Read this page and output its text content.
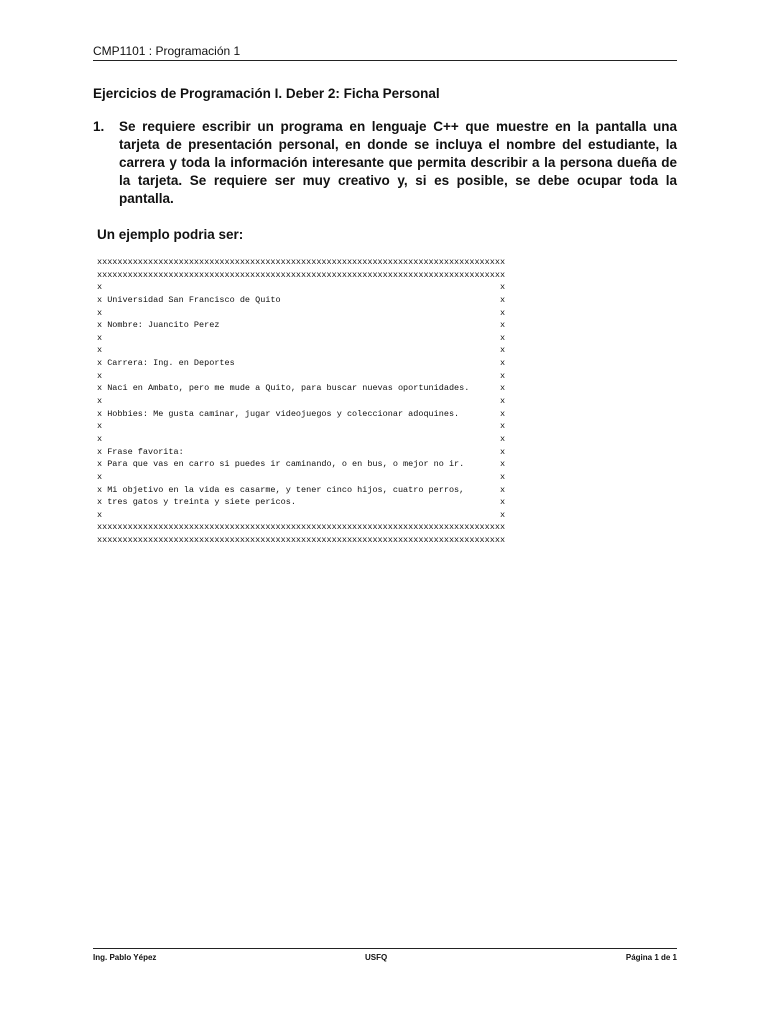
CMP1101 : Programación 1
Ejercicios de Programación I. Deber 2: Ficha Personal
1. Se requiere escribir un programa en lenguaje C++ que muestre en la pantalla una tarjeta de presentación personal, en donde se incluya el nombre del estudiante, la carrera y toda la información interesante que permita describir a la persona dueña de la tarjeta. Se requiere ser muy creativo y, si es posible, se debe ocupar toda la pantalla.
Un ejemplo podria ser:
xxxxxxxxxxxxxxxxxxxxxxxxxxxxxxxxxxxxxxxxxxxxxxxxxxxxxxxxxxxxxxxxxxxxxxxxxxxxxxxx
xxxxxxxxxxxxxxxxxxxxxxxxxxxxxxxxxxxxxxxxxxxxxxxxxxxxxxxxxxxxxxxxxxxxxxxxxxxxxxxx
x                                                                              x
x Universidad San Francisco de Quito                                           x
x                                                                              x
x Nombre: Juancito Perez                                                       x
x                                                                              x
x                                                                              x
x Carrera: Ing. en Deportes                                                    x
x                                                                              x
x Naci en Ambato, pero me mude a Quito, para buscar nuevas oportunidades.      x
x                                                                              x
x Hobbies: Me gusta caminar, jugar videojuegos y coleccionar adoquines.        x
x                                                                              x
x                                                                              x
x Frase favorita:                                                              x
x Para que vas en carro si puedes ir caminando, o en bus, o mejor no ir.       x
x                                                                              x
x Mi objetivo en la vida es casarme, y tener cinco hijos, cuatro perros,       x
x tres gatos y treinta y siete pericos.                                        x
x                                                                              x
xxxxxxxxxxxxxxxxxxxxxxxxxxxxxxxxxxxxxxxxxxxxxxxxxxxxxxxxxxxxxxxxxxxxxxxxxxxxxxxx
xxxxxxxxxxxxxxxxxxxxxxxxxxxxxxxxxxxxxxxxxxxxxxxxxxxxxxxxxxxxxxxxxxxxxxxxxxxxxxxx
Ing. Pablo Yépez	USFQ	Página 1 de 1
